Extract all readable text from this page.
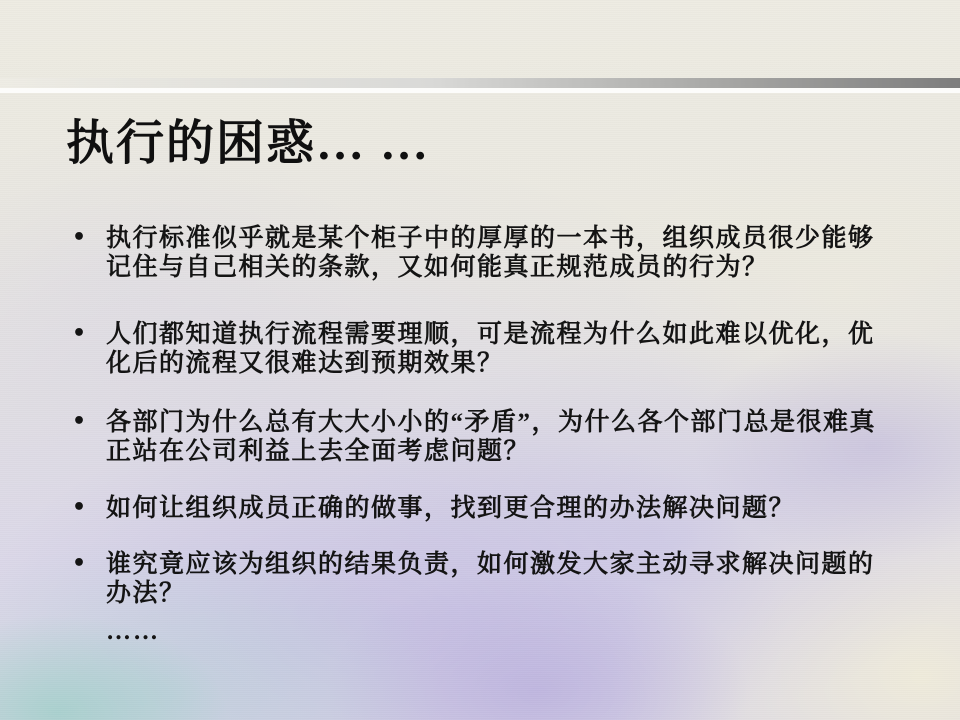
执行的困惑… …
• 执行标准似乎就是某个柜子中的厚厚的一本书，组织成员很少能够记住与自己相关的条款，又如何能真正规范成员的行为？
• 人们都知道执行流程需要理顺，可是流程为什么如此难以优化，优化后的流程又很难达到预期效果？
• 各部门为什么总有大大小小的“矛盾”，为什么各个部门总是很难真正站在公司利益上去全面考虑问题？
• 如何让组织成员正确的做事，找到更合理的办法解决问题？
• 谁究竟应该为组织的结果负责，如何激发大家主动寻求解决问题的办法？
……
